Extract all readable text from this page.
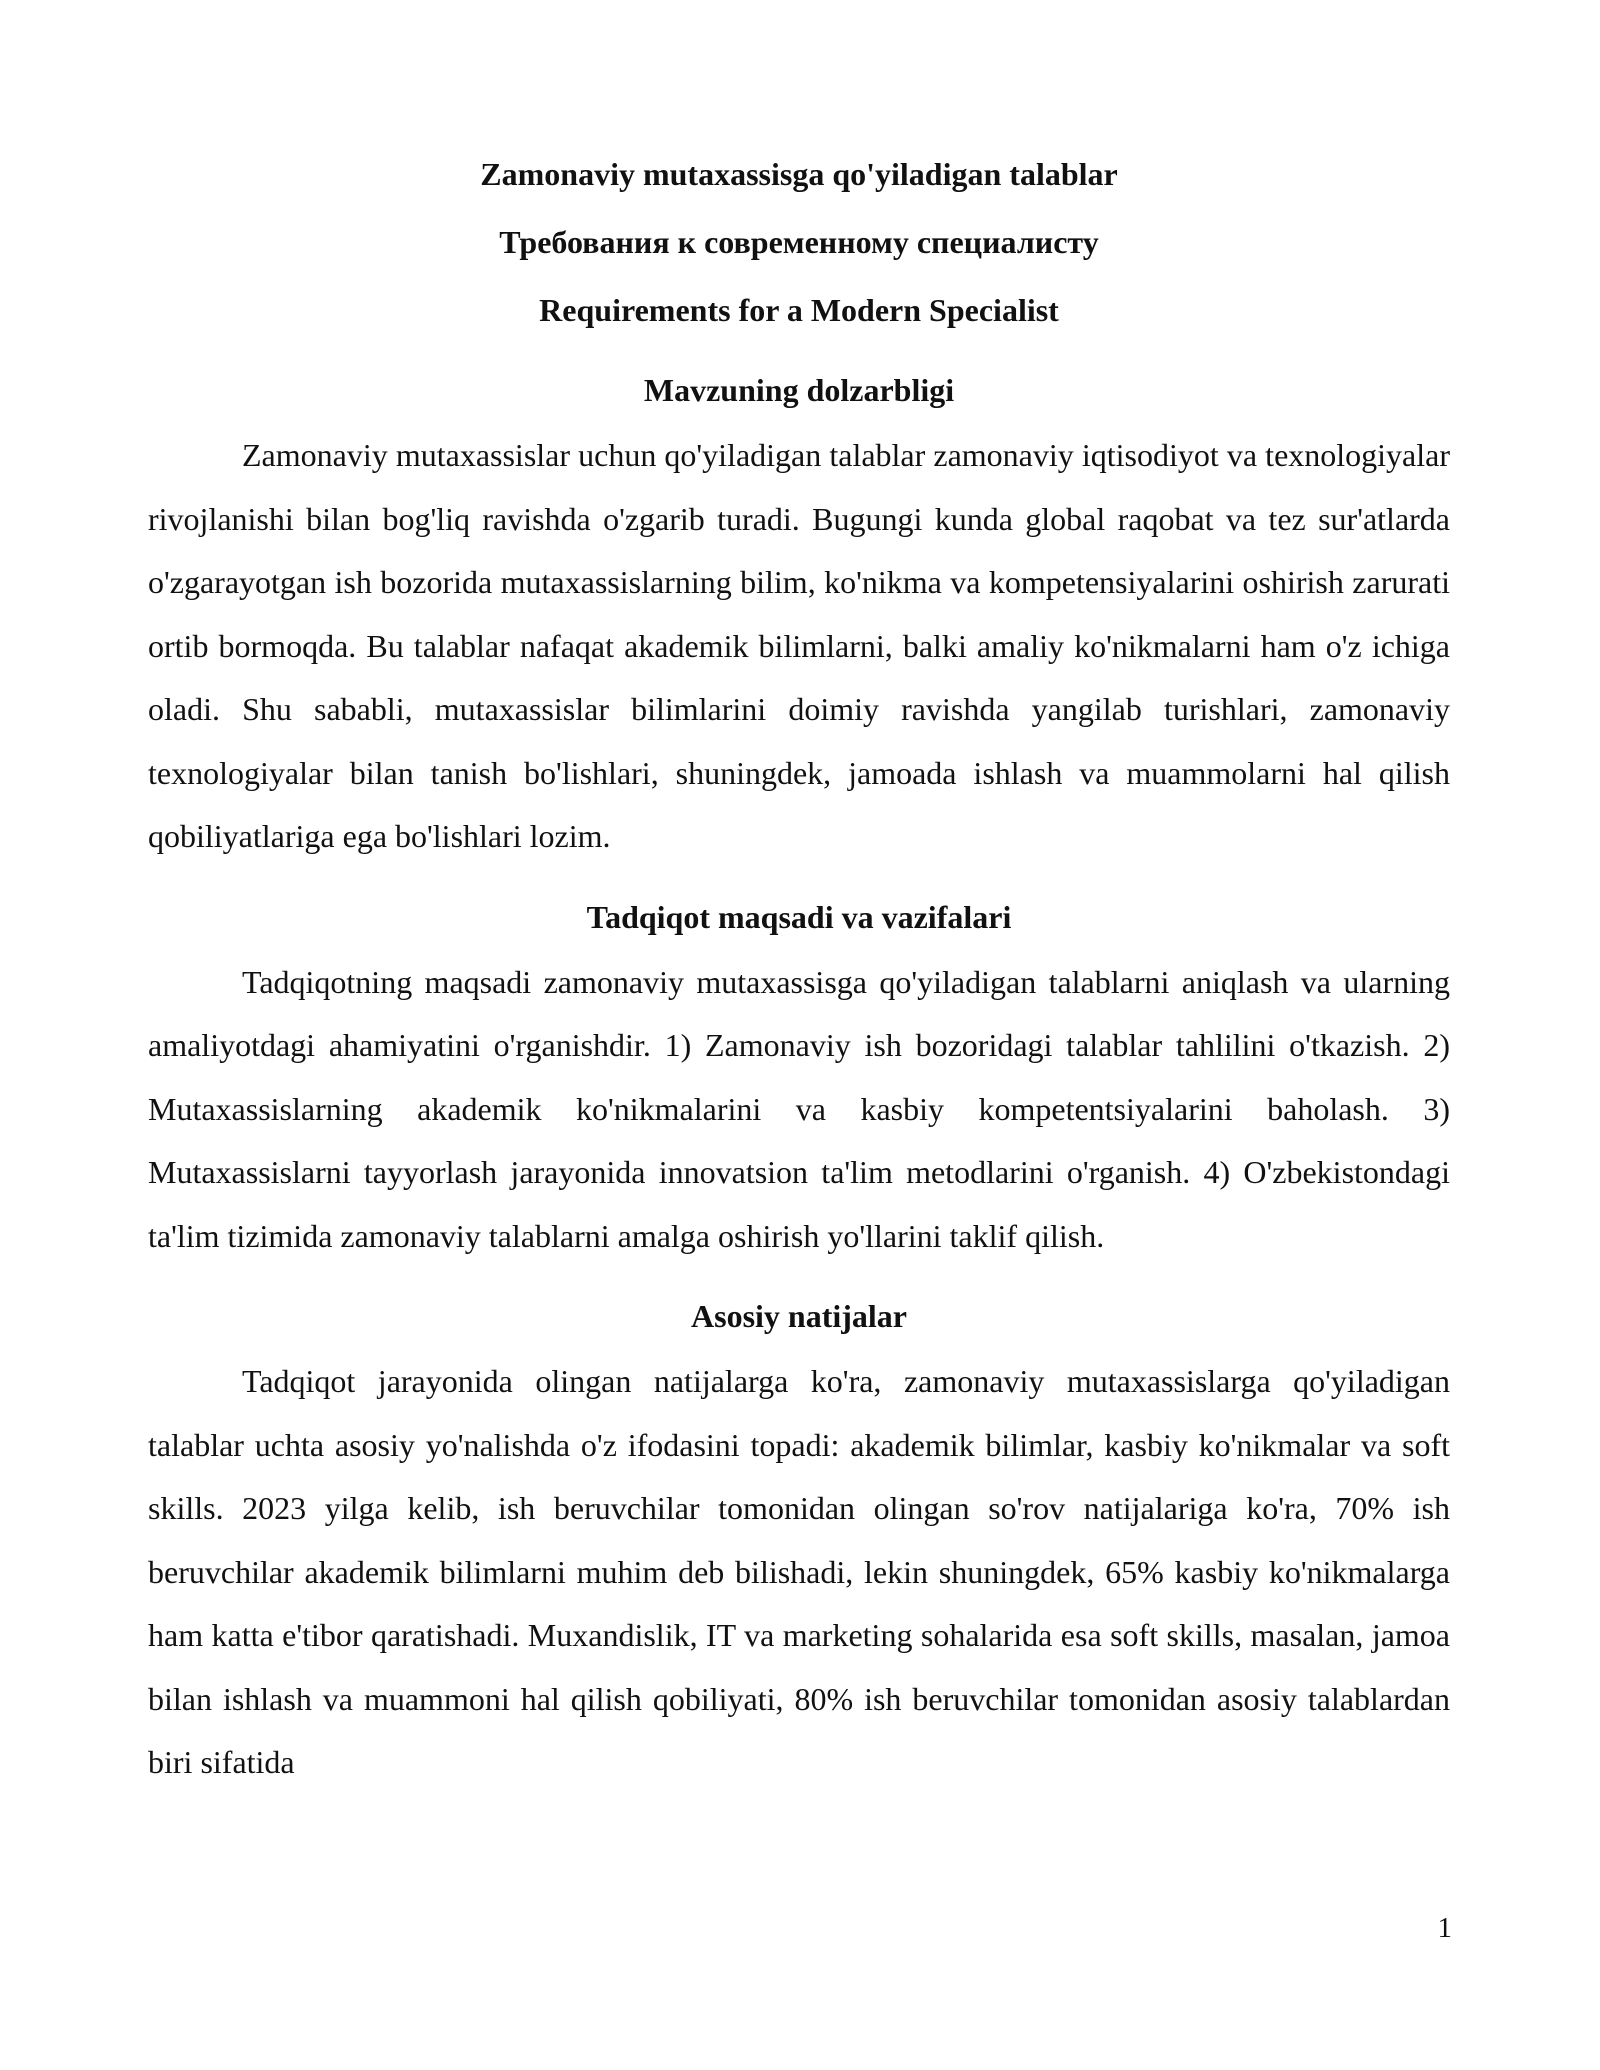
Zamonaviy mutaxassisga qo'yiladigan talablar
Требования к современному специалисту
Requirements for a Modern Specialist
Mavzuning dolzarbligi

Zamonaviy mutaxassislar uchun qo'yiladigan talablar zamonaviy iqtisodiyot va texnologiyalar rivojlanishi bilan bog'liq ravishda o'zgarib turadi. Bugungi kunda global raqobat va tez sur'atlarda o'zgarayotgan ish bozorida mutaxassislarning bilim, ko'nikma va kompetensiyalarini oshirish zarurati ortib bormoqda. Bu talablar nafaqat akademik bilimlarni, balki amaliy ko'nikmalarni ham o'z ichiga oladi. Shu sababli, mutaxassislar bilimlarini doimiy ravishda yangilab turishlari, zamonaviy texnologiyalar bilan tanish bo'lishlari, shuningdek, jamoada ishlash va muammolarni hal qilish qobiliyatlariga ega bo'lishlari lozim.

Tadqiqot maqsadi va vazifalari

Tadqiqotning maqsadi zamonaviy mutaxassisga qo'yiladigan talablarni aniqlash va ularning amaliyotdagi ahamiyatini o'rganishdir. 1) Zamonaviy ish bozoridagi talablar tahlilini o'tkazish. 2) Mutaxassislarning akademik ko'nikmalarini va kasbiy kompetentsiyalarini baholash. 3) Mutaxassislarni tayyorlash jarayonida innovatsion ta'lim metodlarini o'rganish. 4) O'zbekistondagi ta'lim tizimida zamonaviy talablarni amalga oshirish yo'llarini taklif qilish.

Asosiy natijalar

Tadqiqot jarayonida olingan natijalarga ko'ra, zamonaviy mutaxassislarga qo'yiladigan talablar uchta asosiy yo'nalishda o'z ifodasini topadi: akademik bilimlar, kasbiy ko'nikmalar va soft skills. 2023 yilga kelib, ish beruvchilar tomonidan olingan so'rov natijalariga ko'ra, 70% ish beruvchilar akademik bilimlarni muhim deb bilishadi, lekin shuningdek, 65% kasbiy ko'nikmalarga ham katta e'tibor qaratishadi. Muxandislik, IT va marketing sohalarida esa soft skills, masalan, jamoa bilan ishlash va muammoni hal qilish qobiliyati, 80% ish beruvchilar tomonidan asosiy talablardan biri sifatida

1
